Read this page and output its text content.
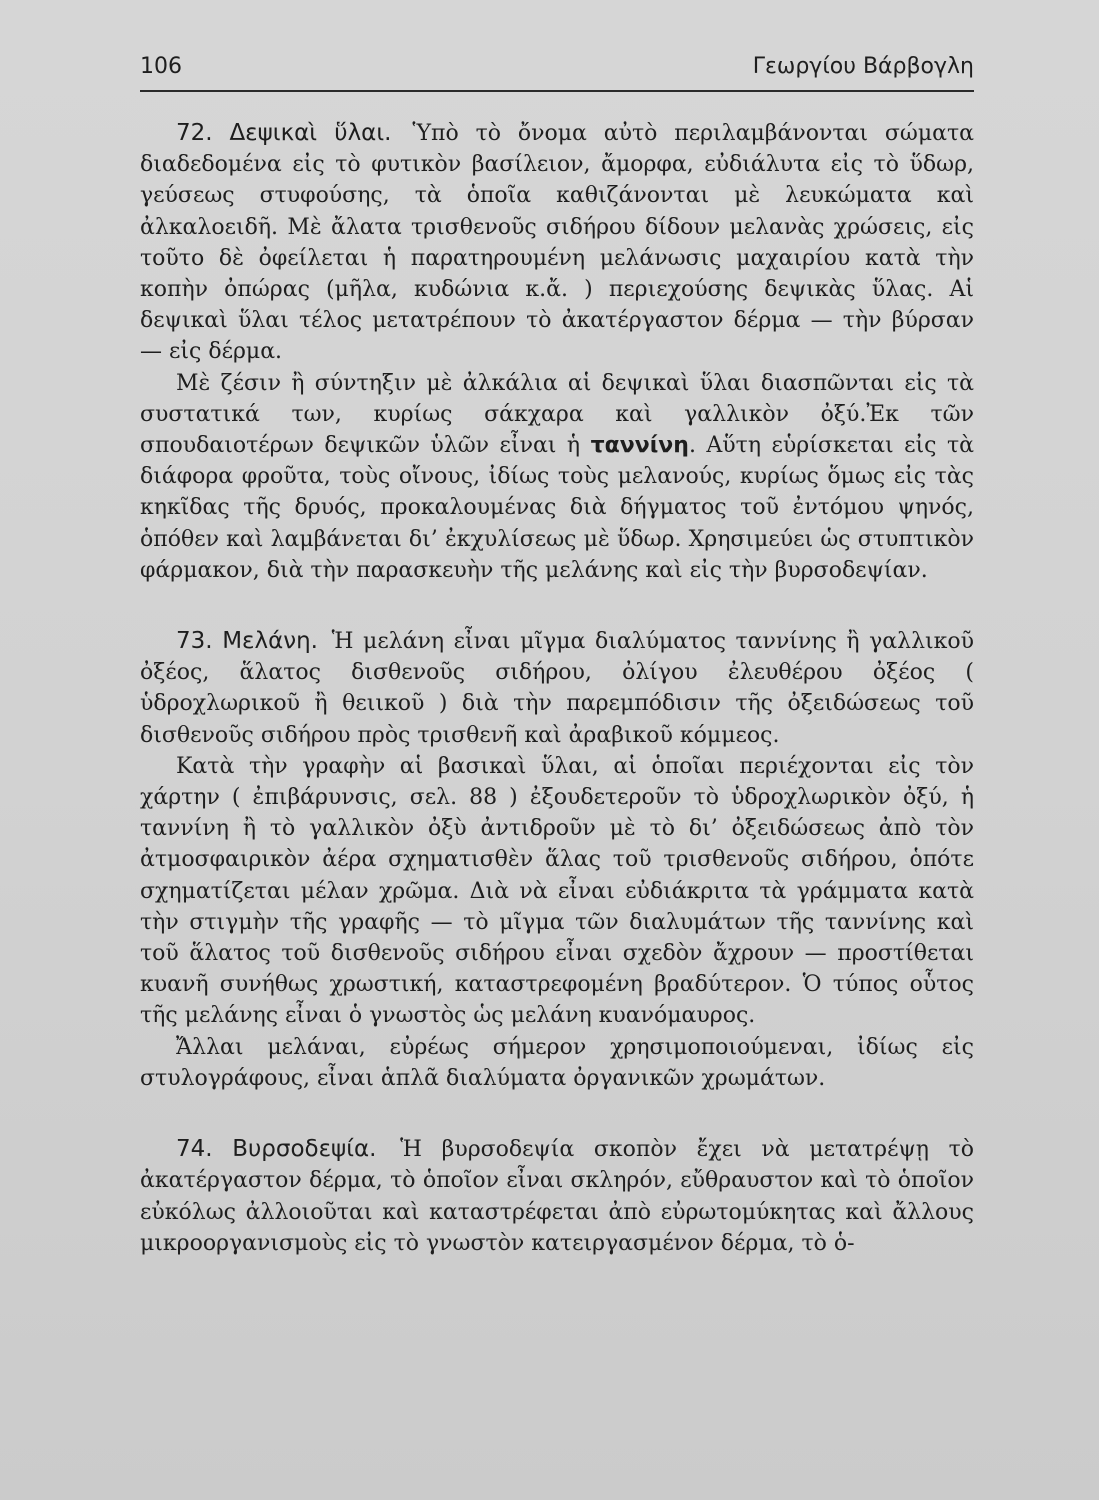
106	Γεωργίου Βάρβογλη

72. Δεψικαὶ ὕλαι. Ὑπὸ τὸ ὄνομα αὐτὸ περιλαμβάνονται σώματα διαδεδομένα εἰς τὸ φυτικὸν βασίλειον, ἄμορφα, εὐδιάλυτα εἰς τὸ ὕδωρ, γεύσεως στυφούσης, τὰ ὁποῖα καθιζάνονται μὲ λευκώματα καὶ ἀλκαλοειδῆ. Μὲ ἄλατα τρισθενοῦς σιδήρου δίδουν μελανὰς χρώσεις, εἰς τοῦτο δὲ ὀφείλεται ἡ παρατηρουμένη μελάνωσις μαχαιρίου κατὰ τὴν κοπὴν ὀπώρας (μῆλα, κυδώνια κ.ἄ. ) περιεχούσης δεψικὰς ὕλας. Αἱ δεψικαὶ ὕλαι τέλος μετατρέπουν τὸ ἀκατέργαστον δέρμα — τὴν βύρσαν — εἰς δέρμα.

Μὲ ζέσιν ἢ σύντηξιν μὲ ἀλκάλια αἱ δεψικαὶ ὕλαι διασπῶνται εἰς τὰ συστατικά των, κυρίως σάκχαρα καὶ γαλλικὸν ὀξύ.Ἐκ τῶν σπουδαιοτέρων δεψικῶν ὑλῶν εἶναι ἡ ταννίνη. Αὕτη εὑρίσκεται εἰς τὰ διάφορα φροῦτα, τοὺς οἴνους, ἰδίως τοὺς μελανούς, κυρίως ὅμως εἰς τὰς κηκῖδας τῆς δρυός, προκαλουμένας διὰ δήγματος τοῦ ἐντόμου ψηνός, ὁπόθεν καὶ λαμβάνεται δι’ ἐκχυλίσεως μὲ ὕδωρ. Χρησιμεύει ὡς στυπτικὸν φάρμακον, διὰ τὴν παρασκευὴν τῆς μελάνης καὶ εἰς τὴν βυρσοδεψίαν.

73. Μελάνη. Ἡ μελάνη εἶναι μῖγμα διαλύματος ταννίνης ἢ γαλλικοῦ ὀξέος, ἅλατος δισθενοῦς σιδήρου, ὀλίγου ἐλευθέρου ὀξέος ( ὑδροχλωρικοῦ ἢ θειικοῦ ) διὰ τὴν παρεμπόδισιν τῆς ὀξειδώσεως τοῦ δισθενοῦς σιδήρου πρὸς τρισθενῆ καὶ ἀραβικοῦ κόμμεος.

Κατὰ τὴν γραφὴν αἱ βασικαὶ ὕλαι, αἱ ὁποῖαι περιέχονται εἰς τὸν χάρτην ( ἐπιβάρυνσις, σελ. 88 ) ἐξουδετεροῦν τὸ ὑδροχλωρικὸν ὀξύ, ἡ ταννίνη ἢ τὸ γαλλικὸν ὀξὺ ἀντιδροῦν μὲ τὸ δι’ ὀξειδώσεως ἀπὸ τὸν ἀτμοσφαιρικὸν ἀέρα σχηματισθὲν ἅλας τοῦ τρισθενοῦς σιδήρου, ὁπότε σχηματίζεται μέλαν χρῶμα. Διὰ νὰ εἶναι εὐδιάκριτα τὰ γράμματα κατὰ τὴν στιγμὴν τῆς γραφῆς — τὸ μῖγμα τῶν διαλυμάτων τῆς ταννίνης καὶ τοῦ ἅλατος τοῦ δισθενοῦς σιδήρου εἶναι σχεδὸν ἄχρουν — προστίθεται κυανῆ συνήθως χρωστική, καταστρεφομένη βραδύτερον. Ὁ τύπος οὗτος τῆς μελάνης εἶναι ὁ γνωστὸς ὡς μελάνη κυανόμαυρος.

Ἄλλαι μελάναι, εὐρέως σήμερον χρησιμοποιούμεναι, ἰδίως εἰς στυλογράφους, εἶναι ἁπλᾶ διαλύματα ὀργανικῶν χρωμάτων.

74. Βυρσοδεψία. Ἡ βυρσοδεψία σκοπὸν ἔχει νὰ μετατρέψῃ τὸ ἀκατέργαστον δέρμα, τὸ ὁποῖον εἶναι σκληρόν, εὔθραυστον καὶ τὸ ὁποῖον εὐκόλως ἀλλοιοῦται καὶ καταστρέφεται ἀπὸ εὐρωτομύκητας καὶ ἄλλους μικροοργανισμοὺς εἰς τὸ γνωστὸν κατειργασμένον δέρμα, τὸ ὁ-
